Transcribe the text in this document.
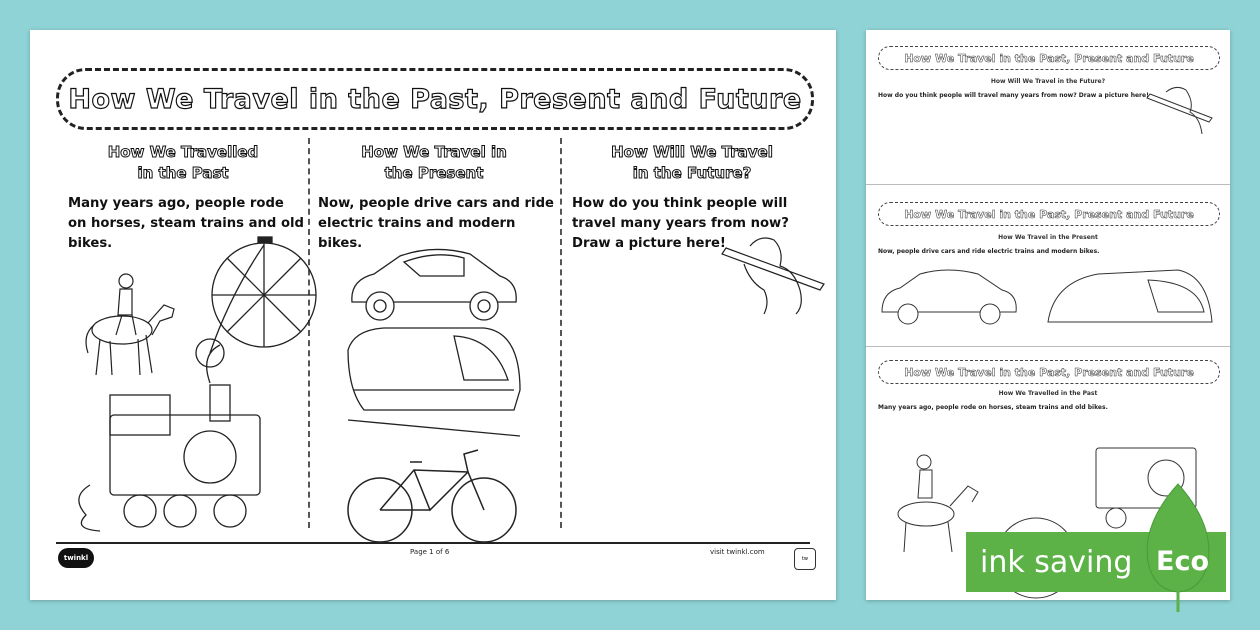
How We Travel in the Past, Present and Future
How We Travelled
in the Past
Many years ago, people rode on horses, steam trains and old bikes.
How We Travel in
the Present
Now, people drive cars and ride electric trains and modern bikes.
How Will We Travel
in the Future?
How do you think people will travel many years from now? Draw a picture here!
twinkl
Page 1 of 6	visit twinkl.com
tw
How We Travel in the Past, Present and Future
How Will We Travel in the Future?
How do you think people will travel many years from now? Draw a picture here!
How We Travel in the Past, Present and Future
How We Travel in the Present
Now, people drive cars and ride electric trains and modern bikes.
How We Travel in the Past, Present and Future
How We Travelled in the Past
Many years ago, people rode on horses, steam trains and old bikes.
ink saving Eco
